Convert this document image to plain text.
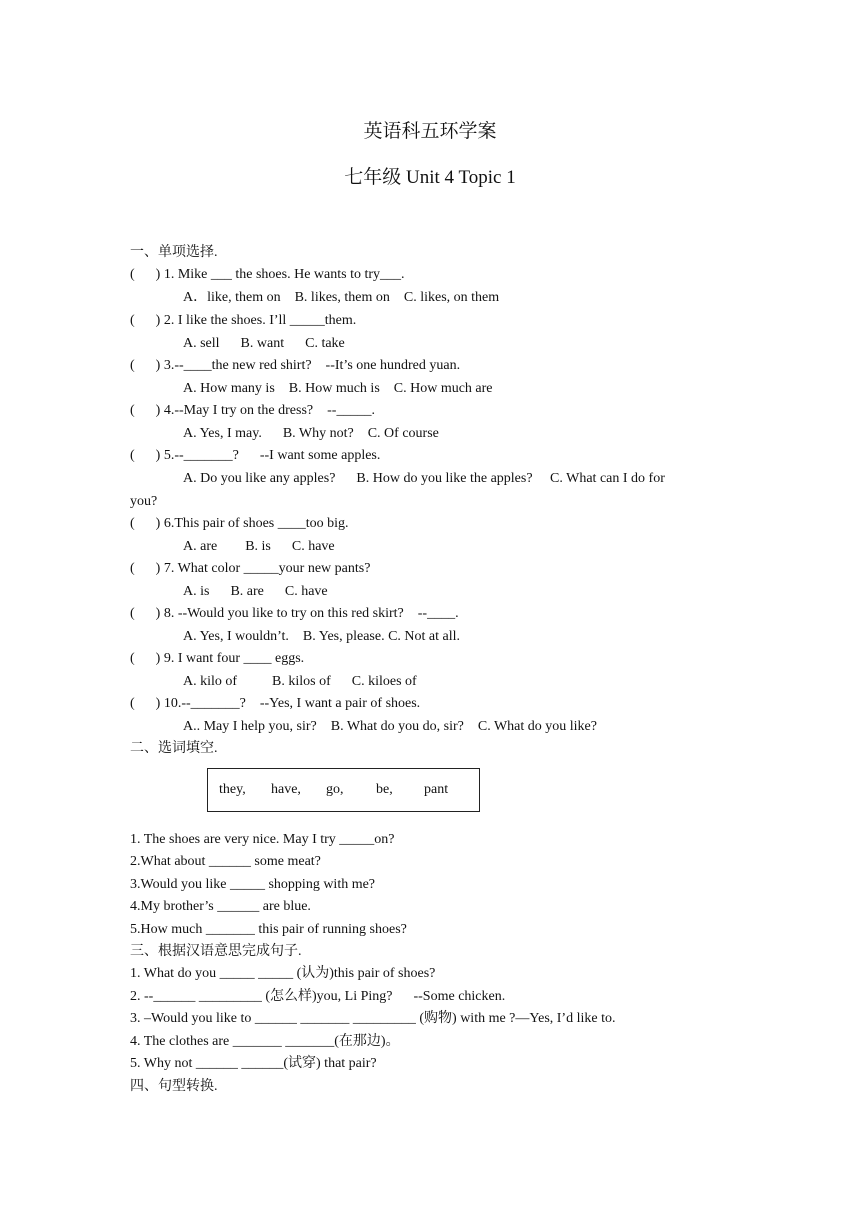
英语科五环学案
七年级 Unit 4 Topic 1
一、单项选择.
(      ) 1. Mike ___ the shoes. He wants to try___.
A．like, them on    B. likes, them on    C. likes, on them
(      ) 2. I like the shoes. I’ll _____them.
A. sell      B. want      C. take
(      ) 3.--____the new red shirt?    --It’s one hundred yuan.
A. How many is    B. How much is    C. How much are
(      ) 4.--May I try on the dress?    --_____.
A. Yes, I may.      B. Why not?    C. Of course
(      ) 5.--_______?      --I want some apples.
A. Do you like any apples?      B. How do you like the apples?     C. What can I do for
you?
(      ) 6.This pair of shoes ____too big.
A. are        B. is      C. have
(      ) 7. What color _____your new pants?
A. is      B. are      C. have
(      ) 8. --Would you like to try on this red skirt?    --____.
A. Yes, I wouldn’t.    B. Yes, please. C. Not at all.
(      ) 9. I want four ____ eggs.
A. kilo of          B. kilos of      C. kiloes of
(      ) 10.--_______?    --Yes, I want a pair of shoes.
A.. May I help you, sir?    B. What do you do, sir?    C. What do you like?
二、选词填空.
they, have, go, be, pant
1. The shoes are very nice. May I try _____on?
2.What about ______ some meat?
3.Would you like _____ shopping with me?
4.My brother’s ______ are blue.
5.How much _______ this pair of running shoes?
三、根据汉语意思完成句子.
1. What do you _____ _____ (认为)this pair of shoes?
2. --______ _________ (怎么样)you, Li Ping?      --Some chicken.
3. –Would you like to ______ _______ _________ (购物) with me ?—Yes, I’d like to.
4. The clothes are _______ _______(在那边)。
5. Why not ______ ______(试穿) that pair?
四、句型转换.
